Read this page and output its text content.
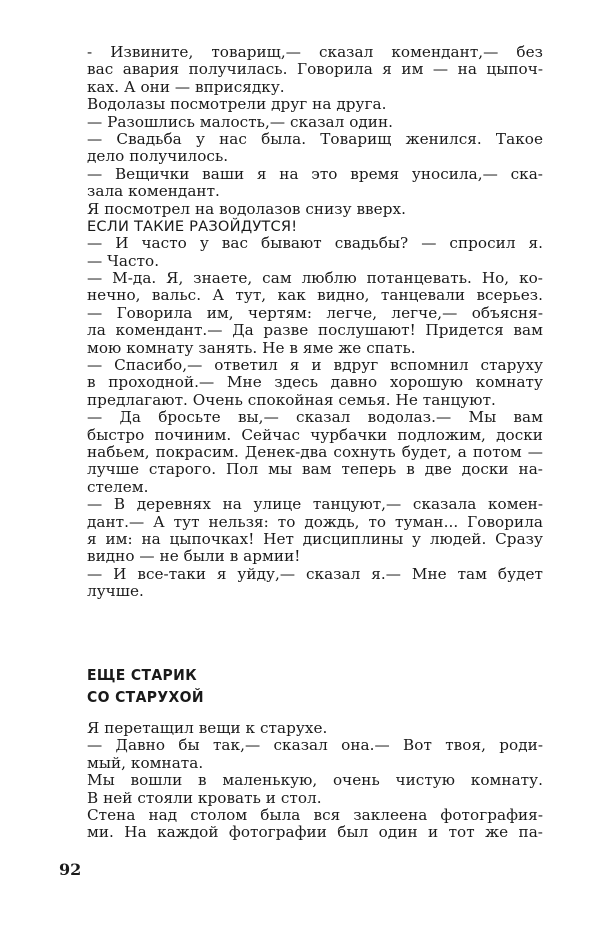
- Извините, товарищ,— сказал комендант,— без
вас авария получилась. Говорила я им — на цыпоч-
ках. А они — вприсядку.
Водолазы посмотрели друг на друга.
— Разошлись малость,— сказал один.
— Свадьба у нас была. Товарищ женился. Такое
дело получилось.
— Вещички ваши я на это время уносила,— ска-
зала комендант.
Я посмотрел на водолазов снизу вверх.
ЕСЛИ ТАКИЕ РАЗОЙДУТСЯ!
— И часто у вас бывают свадьбы? — спросил я.
— Часто.
— М-да. Я, знаете, сам люблю потанцевать. Но, ко-
нечно, вальс. А тут, как видно, танцевали всерьез.
— Говорила им, чертям: легче, легче,— объясня-
ла комендант.— Да разве послушают! Придется вам
мою комнату занять. Не в яме же спать.
— Спасибо,— ответил я и вдруг вспомнил старуху
в проходной.— Мне здесь давно хорошую комнату
предлагают. Очень спокойная семья. Не танцуют.
— Да бросьте вы,— сказал водолаз.— Мы вам
быстро починим. Сейчас чурбачки подложим, доски
набьем, покрасим. Денек-два сохнуть будет, а потом —
лучше старого. Пол мы вам теперь в две доски на-
стелем.
— В деревнях на улице танцуют,— сказала комен-
дант.— А тут нельзя: то дождь, то туман... Говорила
я им: на цыпочках! Нет дисциплины у людей. Сразу
видно — не были в армии!
— И все-таки я уйду,— сказал я.— Мне там будет
лучше.
ЕЩЕ СТАРИК
СО СТАРУХОЙ
Я перетащил вещи к старухе.
— Давно бы так,— сказал она.— Вот твоя, роди-
мый, комната.
Мы вошли в маленькую, очень чистую комнату.
В ней стояли кровать и стол.
Стена над столом была вся заклеена фотография-
ми. На каждой фотографии был один и тот же па-
92
